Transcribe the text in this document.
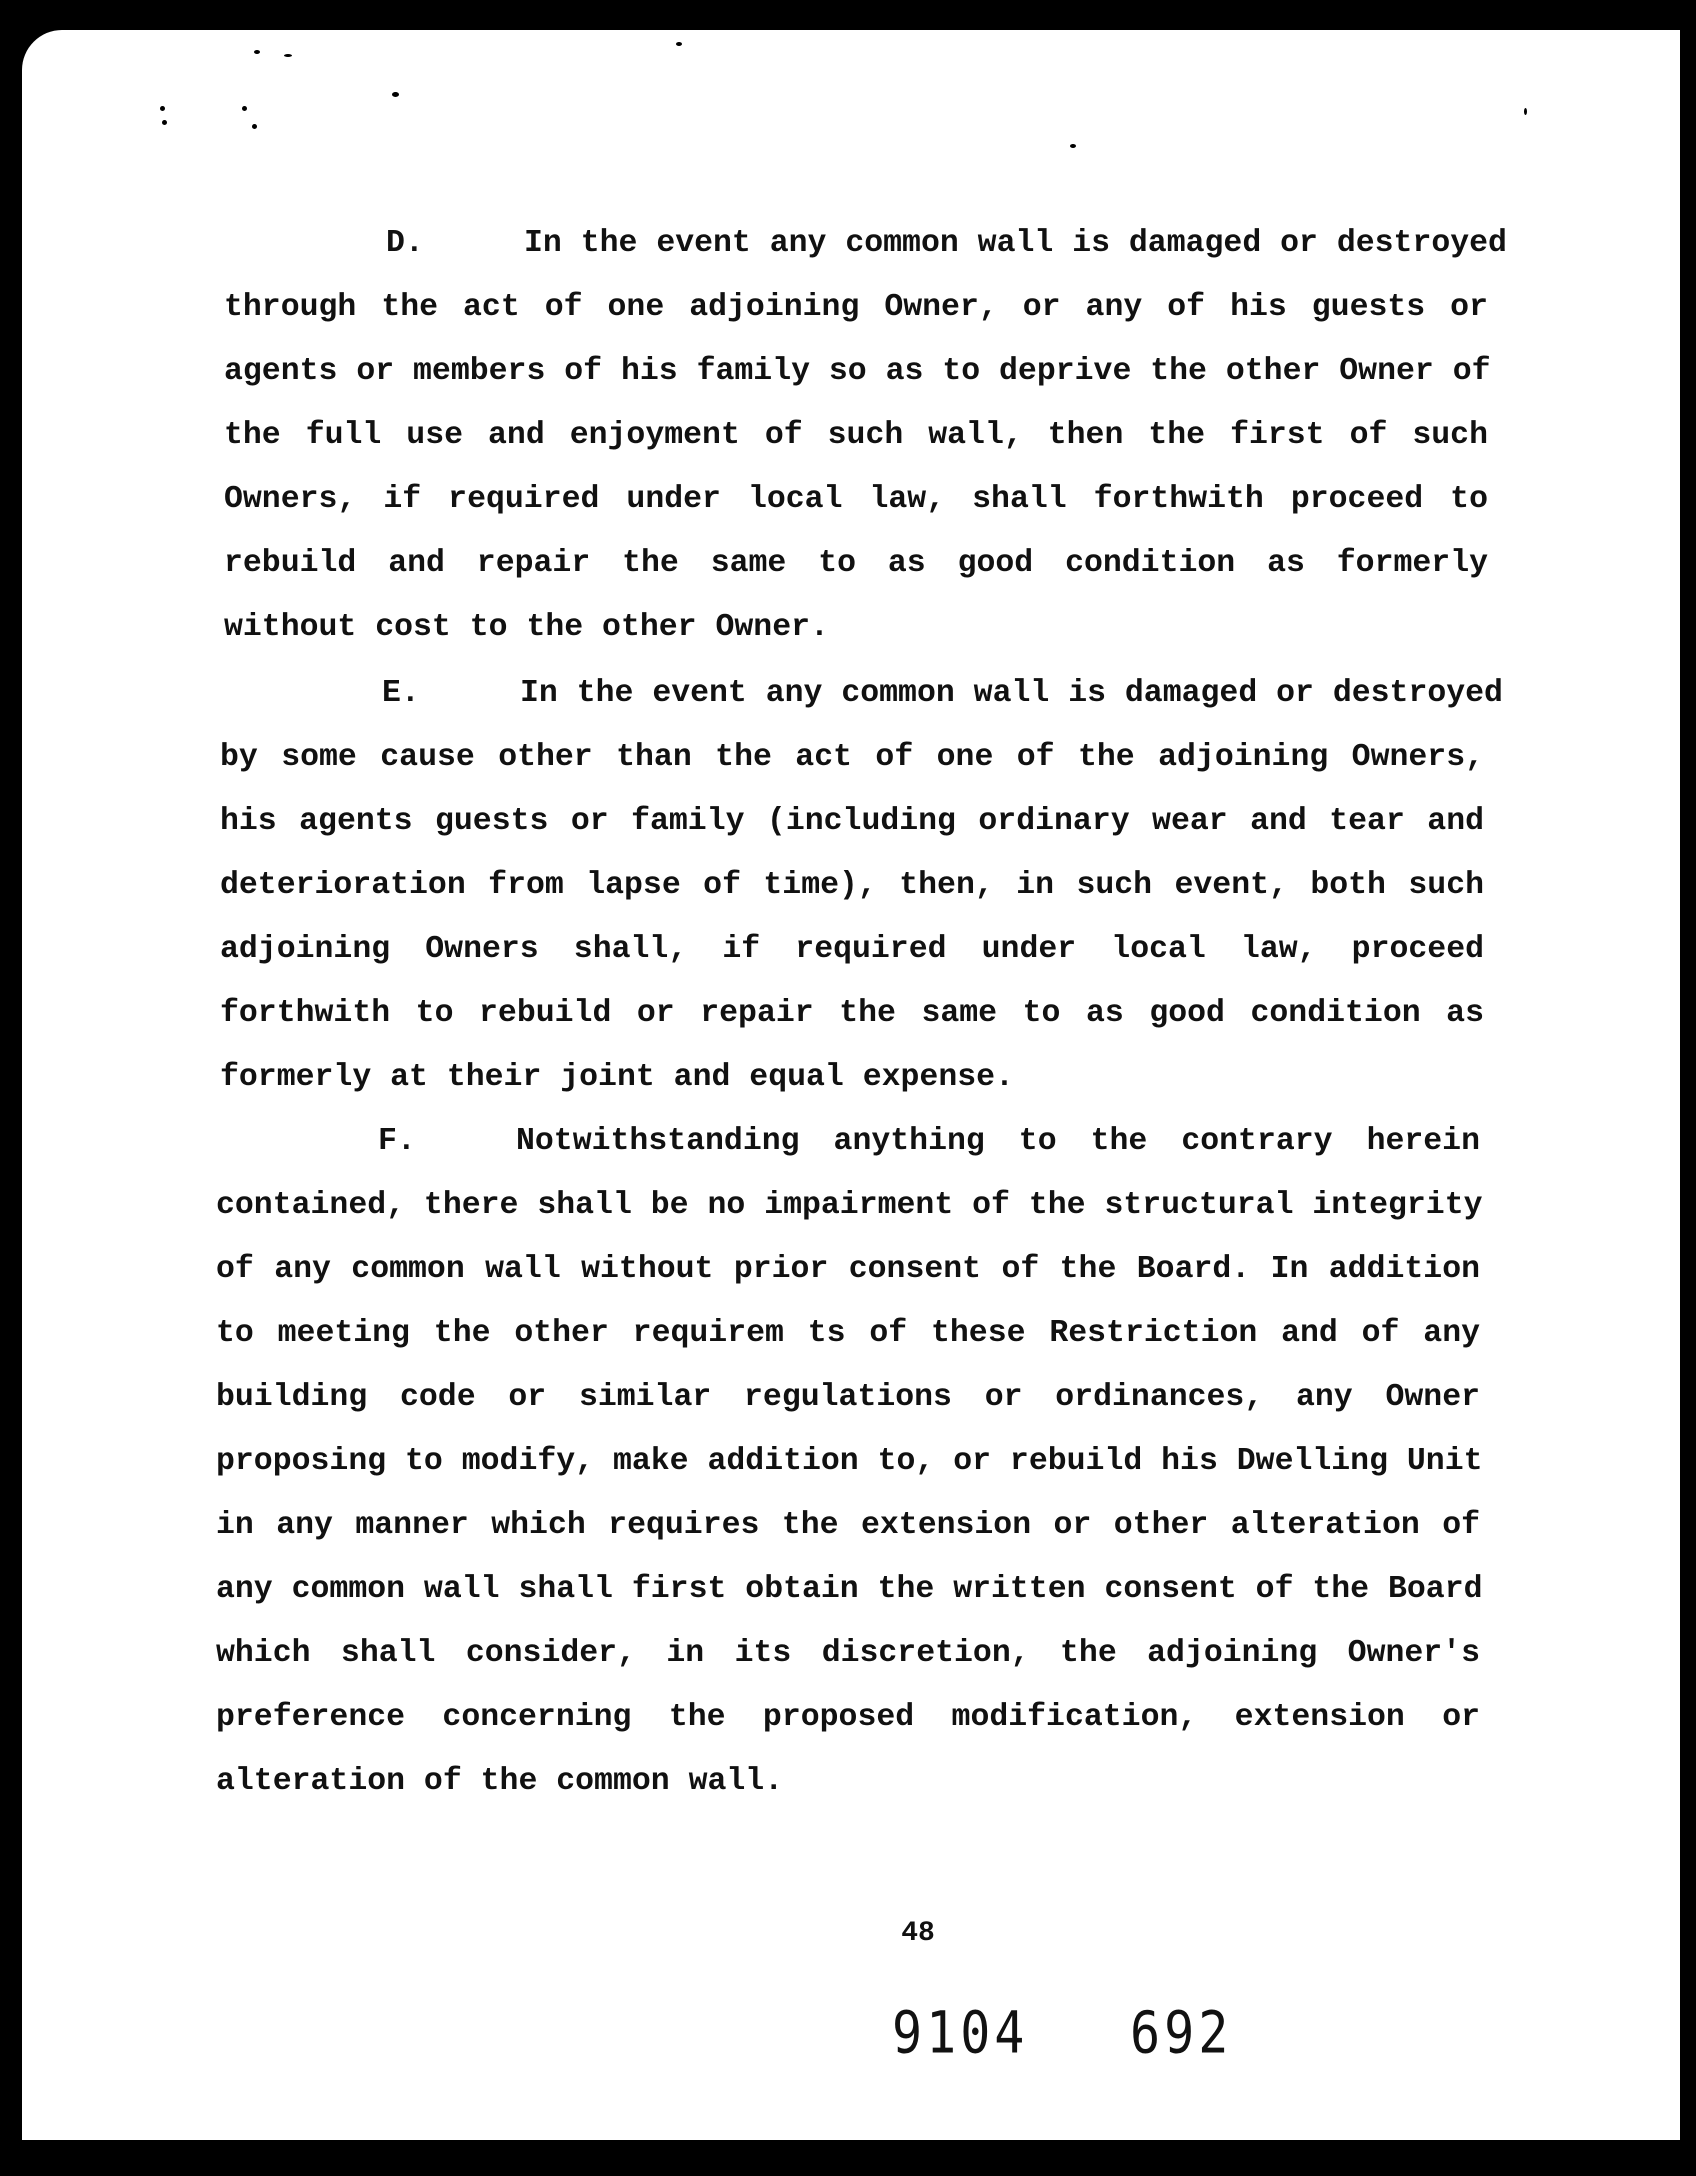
D.	In the event any common wall is damaged or destroyed
through the act of one adjoining Owner, or any of his guests or
agents or members of his family so as to deprive the other Owner of
the full use and enjoyment of such wall, then the first of such
Owners, if required under local law, shall forthwith proceed to
rebuild and repair the same to as good condition as formerly
without cost to the other Owner.
E.	In the event any common wall is damaged or destroyed
by some cause other than the act of one of the adjoining Owners,
his agents guests or family (including ordinary wear and tear and
deterioration from lapse of time), then, in such event, both such
adjoining Owners shall, if required under local law, proceed
forthwith to rebuild or repair the same to as good condition as
formerly at their joint and equal expense.
F.	Notwithstanding anything to the contrary herein
contained, there shall be no impairment of the structural integrity
of any common wall without prior consent of the Board. In addition
to meeting the other requirem ts of these Restriction and of any
building code or similar regulations or ordinances, any Owner
proposing to modify, make addition to, or rebuild his Dwelling Unit
in any manner which requires the extension or other alteration of
any common wall shall first obtain the written consent of the Board
which shall consider, in its discretion, the adjoining Owner's
preference concerning the proposed modification, extension or
alteration of the common wall.
48
9104 692
